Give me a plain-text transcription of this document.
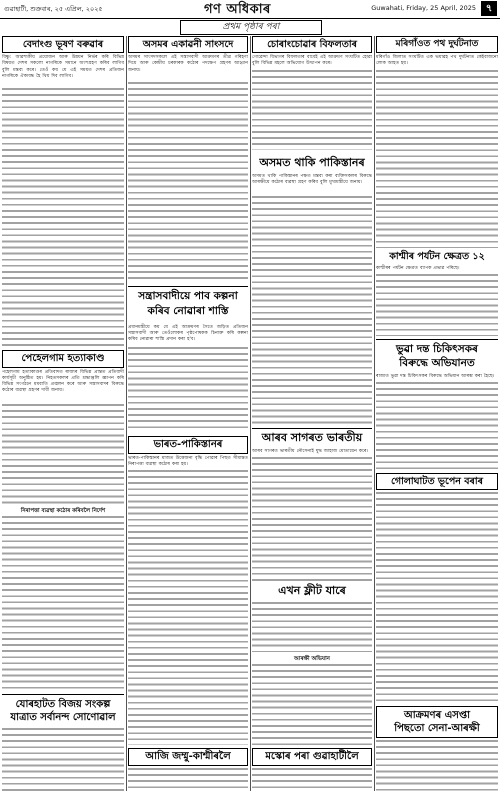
গুৱাহাটী, শুক্ৰবাৰ, ২৫ এপ্ৰিল, ২০২৫	গণ অধিকাৰ	Guwahati, Friday, 25 April, 2025 ৭
প্ৰথম পৃষ্ঠাৰ পৰা
বেদাংগু ভূষণ বৰুৱাৰ

বিষ্ণু: আৱশ্যকীয় প্ৰয়োজন আৰু উন্নয়ন নিৰ্ভৰ কৰি বিভিন্ন বিষয়ত দেশৰ সকলো নাগৰিকে সমানে অংশগ্ৰহণ কৰিব লাগিব বুলি মন্তব্য কৰে। তেওঁ কয় যে এই সময়ত দেশৰ প্ৰতিজন নাগৰিকে ঐক্যবদ্ধ হৈ থিয় দিব লাগিব।

পেহেলগাম হত্যাকাণ্ড

পহেলগাম হত্যাকাণ্ডৰ প্ৰতিবাদত ৰাজ্যৰ বিভিন্ন প্ৰান্তত প্ৰতিবাদী কাৰ্যসূচী অনুষ্ঠিত হয়। নিহতসকলৰ প্ৰতি শ্ৰদ্ধাঞ্জলি জ্ঞাপন কৰি বিভিন্ন সংগঠনে মমবাতি প্ৰজ্বলন কৰে আৰু সন্ত্ৰাসবাদৰ বিৰুদ্ধে কঠোৰ ব্যৱস্থা গ্ৰহণৰ দাবী জনায়।

নিৰাপত্তা ব্যৱস্থা কঠোৰ কৰিবলৈ নিৰ্দেশ
যোৰহাটত বিজয় সংকল্প
যাত্ৰাত সৰ্বানন্দ সোণোৱাল
অসমৰ একাৱনী সাংসদে

অসমৰ সাংসদসকলে এই সন্ত্ৰাসবাদী আক্ৰমণৰ তীব্ৰ গৰিহণা দিয়ে আৰু কেন্দ্ৰীয় চৰকাৰক কঠোৰ পদক্ষেপ গ্ৰহণৰ আহ্বান জনায়।

সন্ত্ৰাসবাদীয়ে পাব কল্পনা
কৰিব নোৱাৰা শাস্তি

প্ৰধানমন্ত্ৰীয়ে কয় যে এই আক্ৰমণৰ সৈতে জড়িত প্ৰতিজন সন্ত্ৰাসবাদী আৰু তেওঁলোকৰ পৃষ্ঠপোষকক চিনাক্ত কৰি কল্পনা কৰিব নোৱাৰা শাস্তি প্ৰদান কৰা হ'ব।

ভাৰত-পাকিস্তানৰ

ভাৰত-পাকিস্তানৰ মাজত উত্তেজনা বৃদ্ধি পোৱাৰ পিছত সীমান্তত নিৰাপত্তা ব্যৱস্থা কঠোৰ কৰা হয়।

আজি জম্মু-কাশ্মীৰলৈ
চোৰাংচোৱাৰ বিফলতাৰ

গোৱেন্দা বিভাগৰ বিফলতাৰ বাবেই এই আক্ৰমণ সংঘটিত হোৱা বুলি বিভিন্ন মহলে অভিযোগ উত্থাপন কৰে।

অসমত থাকি পাকিস্তানৰ

অসমত থাকি পাকিস্তানৰ পক্ষত মন্তব্য কৰা ব্যক্তিসকলৰ বিৰুদ্ধে আৰক্ষীয়ে কঠোৰ ব্যৱস্থা গ্ৰহণ কৰিব বুলি মুখ্যমন্ত্ৰীয়ে জনায়।

আৰব সাগৰত ভাৰতীয়

আৰব সাগৰত ভাৰতীয় নৌসেনাই যুদ্ধ জাহাজ মোতায়েন কৰে।

এখন ফ্লীট যাৰে
আৰক্ষী অভিযান
মস্কোৰ পৰা গুৱাহাটীলৈ
মৰিগাঁওত পথ দুৰ্ঘটনাত

মৰিগাঁও জিলাত সংঘটিত এক ভয়াৱহ পথ দুৰ্ঘটনাত কেইবাজনো লোক আহত হয়।

কাশ্মীৰ পৰ্যটন ক্ষেত্ৰত ১২

কাশ্মীৰৰ পৰ্যটন ক্ষেত্ৰত ব্যাপক প্ৰভাৱ পৰিছে।

ভুৱা দন্ত চিকিৎসকৰ
বিৰুদ্ধে অভিযানত

ৰাজ্যত ভুৱা দন্ত চিকিৎসকৰ বিৰুদ্ধে অভিযান আৰম্ভ কৰা হৈছে।

গোলাঘাটত ভূপেন বৰাৰ
আক্ৰমণৰ এসপ্তা
পিছতো সেনা-আৰক্ষী
